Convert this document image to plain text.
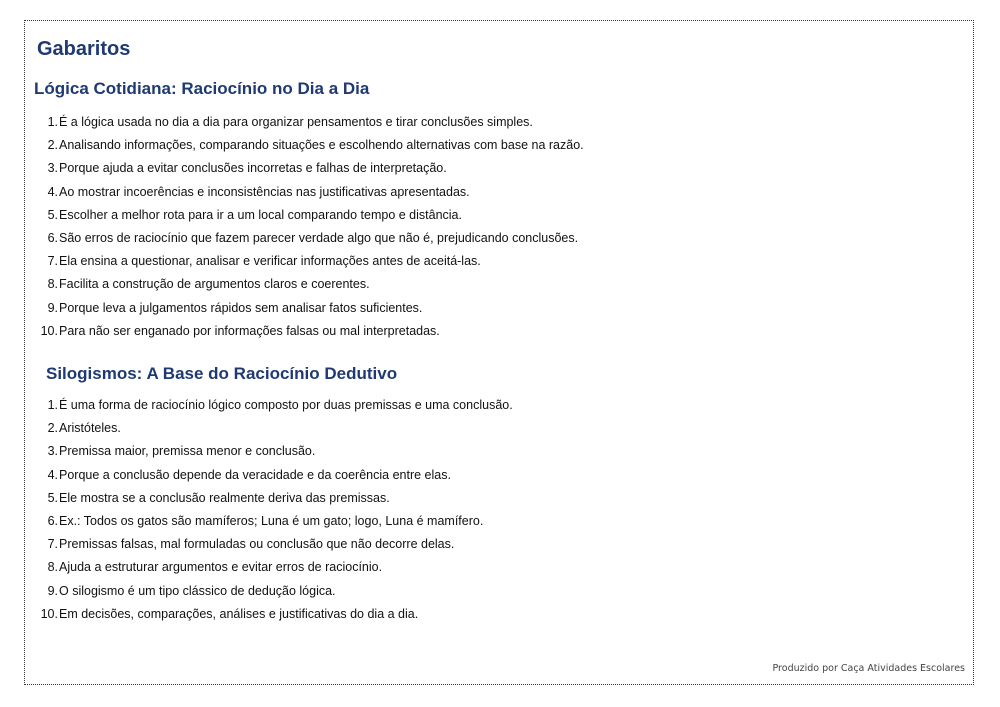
Gabaritos
Lógica Cotidiana: Raciocínio no Dia a Dia
1. É a lógica usada no dia a dia para organizar pensamentos e tirar conclusões simples.
2. Analisando informações, comparando situações e escolhendo alternativas com base na razão.
3. Porque ajuda a evitar conclusões incorretas e falhas de interpretação.
4. Ao mostrar incoerências e inconsistências nas justificativas apresentadas.
5. Escolher a melhor rota para ir a um local comparando tempo e distância.
6. São erros de raciocínio que fazem parecer verdade algo que não é, prejudicando conclusões.
7. Ela ensina a questionar, analisar e verificar informações antes de aceitá-las.
8. Facilita a construção de argumentos claros e coerentes.
9. Porque leva a julgamentos rápidos sem analisar fatos suficientes.
10. Para não ser enganado por informações falsas ou mal interpretadas.
Silogismos: A Base do Raciocínio Dedutivo
1. É uma forma de raciocínio lógico composto por duas premissas e uma conclusão.
2. Aristóteles.
3. Premissa maior, premissa menor e conclusão.
4. Porque a conclusão depende da veracidade e da coerência entre elas.
5. Ele mostra se a conclusão realmente deriva das premissas.
6. Ex.: Todos os gatos são mamíferos; Luna é um gato; logo, Luna é mamífero.
7. Premissas falsas, mal formuladas ou conclusão que não decorre delas.
8. Ajuda a estruturar argumentos e evitar erros de raciocínio.
9. O silogismo é um tipo clássico de dedução lógica.
10. Em decisões, comparações, análises e justificativas do dia a dia.
Produzido por Caça Atividades Escolares
